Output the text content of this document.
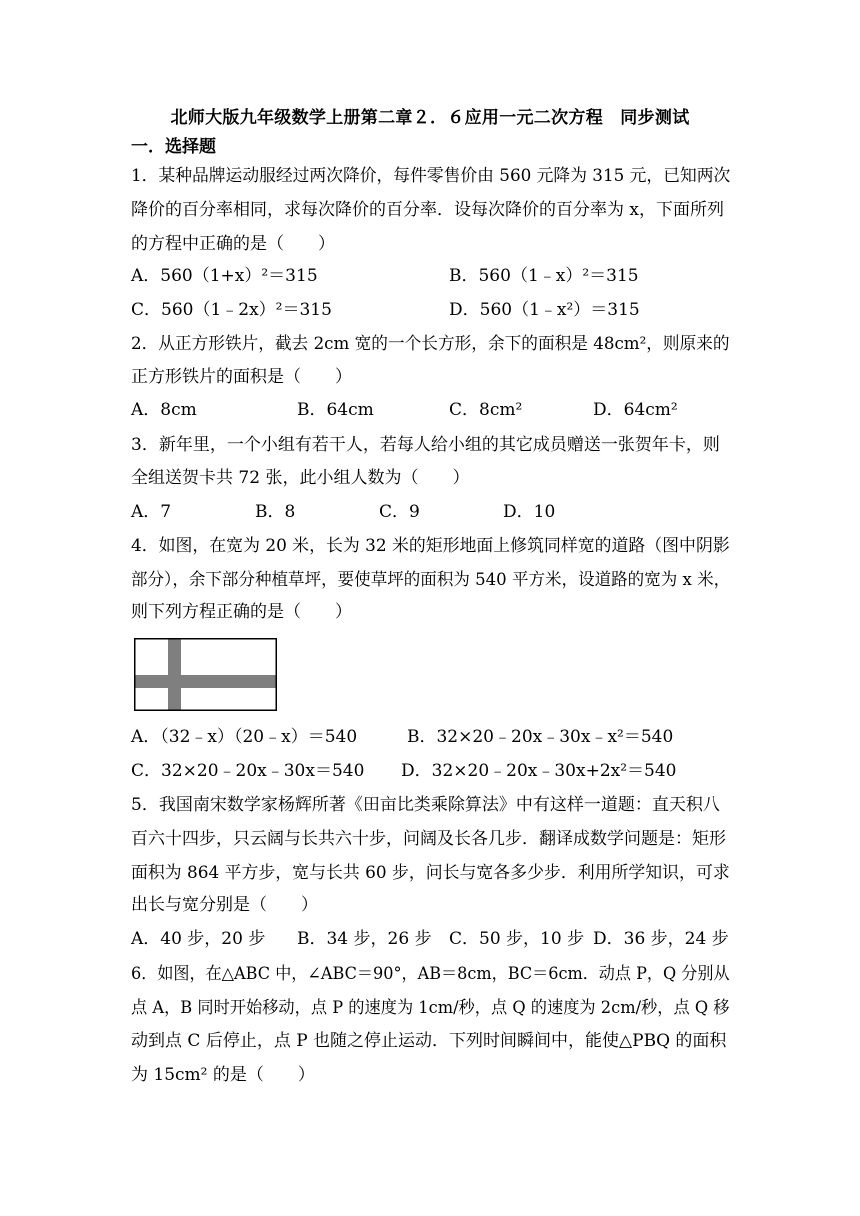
北师大版九年级数学上册第二章２．６应用一元二次方程　同步测试
一．选择题
1．某种品牌运动服经过两次降价，每件零售价由 560 元降为 315 元，已知两次
降价的百分率相同，求每次降价的百分率．设每次降价的百分率为 x，下面所列
的方程中正确的是（　　）
A．560（1+x）²＝315	B．560（1﹣x）²＝315
C．560（1﹣2x）²＝315	D．560（1﹣x²）＝315
2．从正方形铁片，截去 2cm 宽的一个长方形，余下的面积是 48cm²，则原来的
正方形铁片的面积是（　　）
A．8cm	B．64cm	C．8cm²	D．64cm²
3．新年里，一个小组有若干人，若每人给小组的其它成员赠送一张贺年卡，则
全组送贺卡共 72 张，此小组人数为（　　）
A．7	B．8	C．9	D．10
4．如图，在宽为 20 米，长为 32 米的矩形地面上修筑同样宽的道路（图中阴影
部分），余下部分种植草坪，要使草坪的面积为 540 平方米，设道路的宽为 x 米，
则下列方程正确的是（　　）
A．（32﹣x）（20﹣x）＝540	B．32×20﹣20x﹣30x﹣x²＝540
C．32×20﹣20x﹣30x＝540 D．32×20﹣20x﹣30x+2x²＝540
5．我国南宋数学家杨辉所著《田亩比类乘除算法》中有这样一道题：直天积八
百六十四步，只云阔与长共六十步，问阔及长各几步．翻译成数学问题是：矩形
面积为 864 平方步，宽与长共 60 步，问长与宽各多少步．利用所学知识，可求
出长与宽分别是（　　）
A．40 步，20 步 B．34 步，26 步 C．50 步，10 步 D．36 步，24 步
6．如图，在△ABC 中，∠ABC＝90°，AB＝8cm，BC＝6cm．动点 P，Q 分别从
点 A，B 同时开始移动，点 P 的速度为 1cm/秒，点 Q 的速度为 2cm/秒，点 Q 移
动到点 C 后停止，点 P 也随之停止运动．下列时间瞬间中，能使△PBQ 的面积
为 15cm² 的是（　　）
